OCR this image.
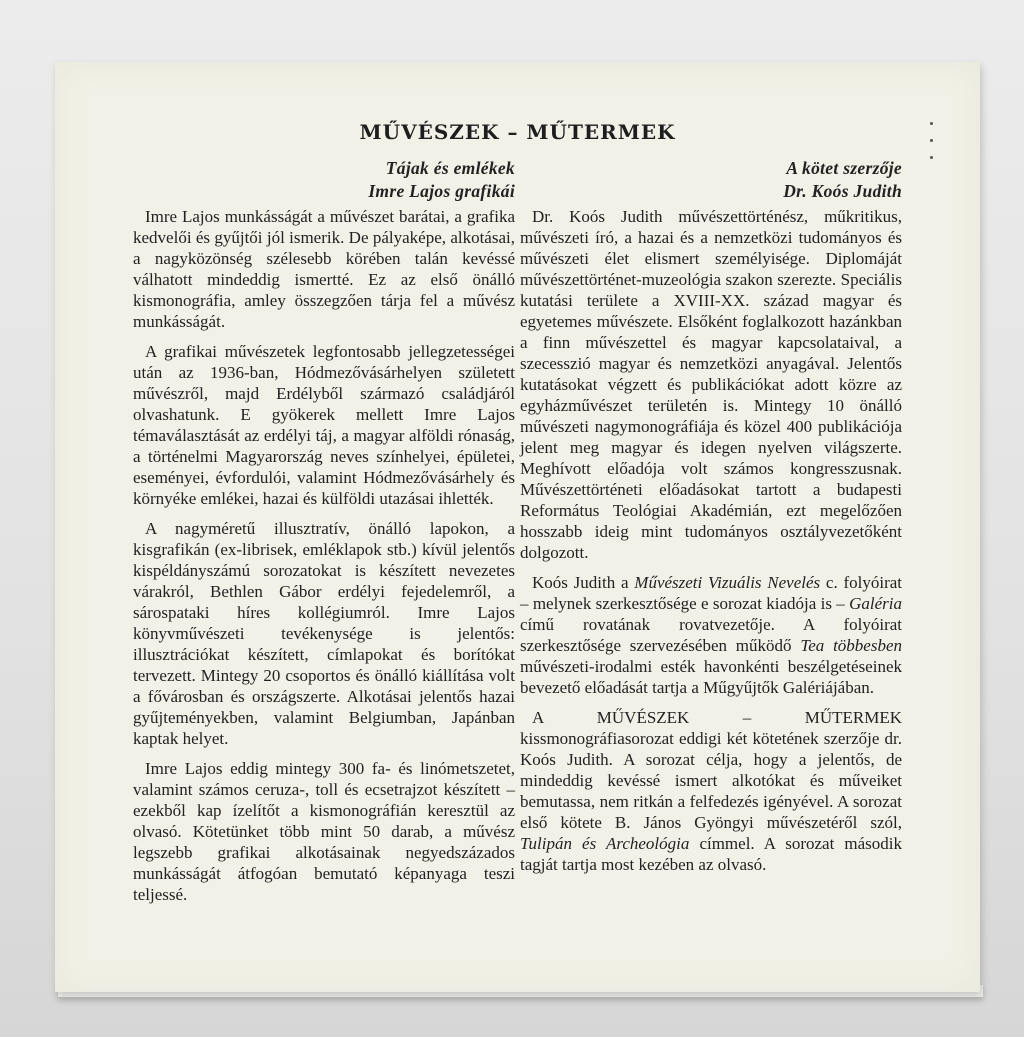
MŰVÉSZEK – MŰTERMEK
Tájak és emlékek
Imre Lajos grafikái

Imre Lajos munkásságát a művészet barátai, a grafika kedvelői és gyűjtői jól ismerik. De pályaképe, alkotásai, a nagyközönség szélesebb körében talán kevéssé válhatott mindeddig ismertté. Ez az első önálló kismonográfia, amley összegzően tárja fel a művész munkásságát.

A grafikai művészetek legfontosabb jellegzetességei után az 1936-ban, Hódmezővásárhelyen született művészről, majd Erdélyből származó családjáról olvashatunk. E gyökerek mellett Imre Lajos témaválasztását az erdélyi táj, a magyar alföldi rónaság, a történelmi Magyarország neves színhelyei, épületei, eseményei, évfordulói, valamint Hódmezővásárhely és környéke emlékei, hazai és külföldi utazásai ihlették.

A nagyméretű illusztratív, önálló lapokon, a kisgrafikán (ex-librisek, emléklapok stb.) kívül jelentős kispéldányszámú sorozatokat is készített nevezetes várakról, Bethlen Gábor erdélyi fejedelemről, a sárospataki híres kollégiumról. Imre Lajos könyvművészeti tevékenysége is jelentős: illusztrációkat készített, címlapokat és borítókat tervezett. Mintegy 20 csoportos és önálló kiállítása volt a fővárosban és országszerte. Alkotásai jelentős hazai gyűjteményekben, valamint Belgiumban, Japánban kaptak helyet.

Imre Lajos eddig mintegy 300 fa- és linómetszetet, valamint számos ceruza-, toll és ecsetrajzot készített – ezekből kap ízelítőt a kismonográfián keresztül az olvasó. Kötetünket több mint 50 darab, a művész legszebb grafikai alkotásainak negyedszázados munkásságát átfogóan bemutató képanyaga teszi teljessé.

A kötet szerzője
Dr. Koós Judith

Dr. Koós Judith művészettörténész, műkritikus, művészeti író, a hazai és a nemzetközi tudományos és művészeti élet elismert személyisége. Diplomáját művészettörténet-muzeológia szakon szerezte. Speciális kutatási területe a XVIII-XX. század magyar és egyetemes művészete. Elsőként foglalkozott hazánkban a finn művészettel és magyar kapcsolataival, a szecesszió magyar és nemzetközi anyagával. Jelentős kutatásokat végzett és publikációkat adott közre az egyházművészet területén is. Mintegy 10 önálló művészeti nagymonográfiája és közel 400 publikációja jelent meg magyar és idegen nyelven világszerte. Meghívott előadója volt számos kongresszusnak. Művészettörténeti előadásokat tartott a budapesti Református Teológiai Akadémián, ezt megelőzően hosszabb ideig mint tudományos osztályvezetőként dolgozott.

Koós Judith a Művészeti Vizuális Nevelés c. folyóirat – melynek szerkesztősége e sorozat kiadója is – Galéria című rovatának rovatvezetője. A folyóirat szerkesztősége szervezésében működő Tea többesben művészeti-irodalmi esték havonkénti beszélgetéseinek bevezető előadását tartja a Műgyűjtők Galériájában.

A MŰVÉSZEK – MŰTERMEK kissmonográfiasorozat eddigi két kötetének szerzője dr. Koós Judith. A sorozat célja, hogy a jelentős, de mindeddig kevéssé ismert alkotókat és műveiket bemutassa, nem ritkán a felfedezés igényével. A sorozat első kötete B. János Gyöngyi művészetéről szól, Tulipán és Archeológia címmel. A sorozat második tagját tartja most kezében az olvasó.
